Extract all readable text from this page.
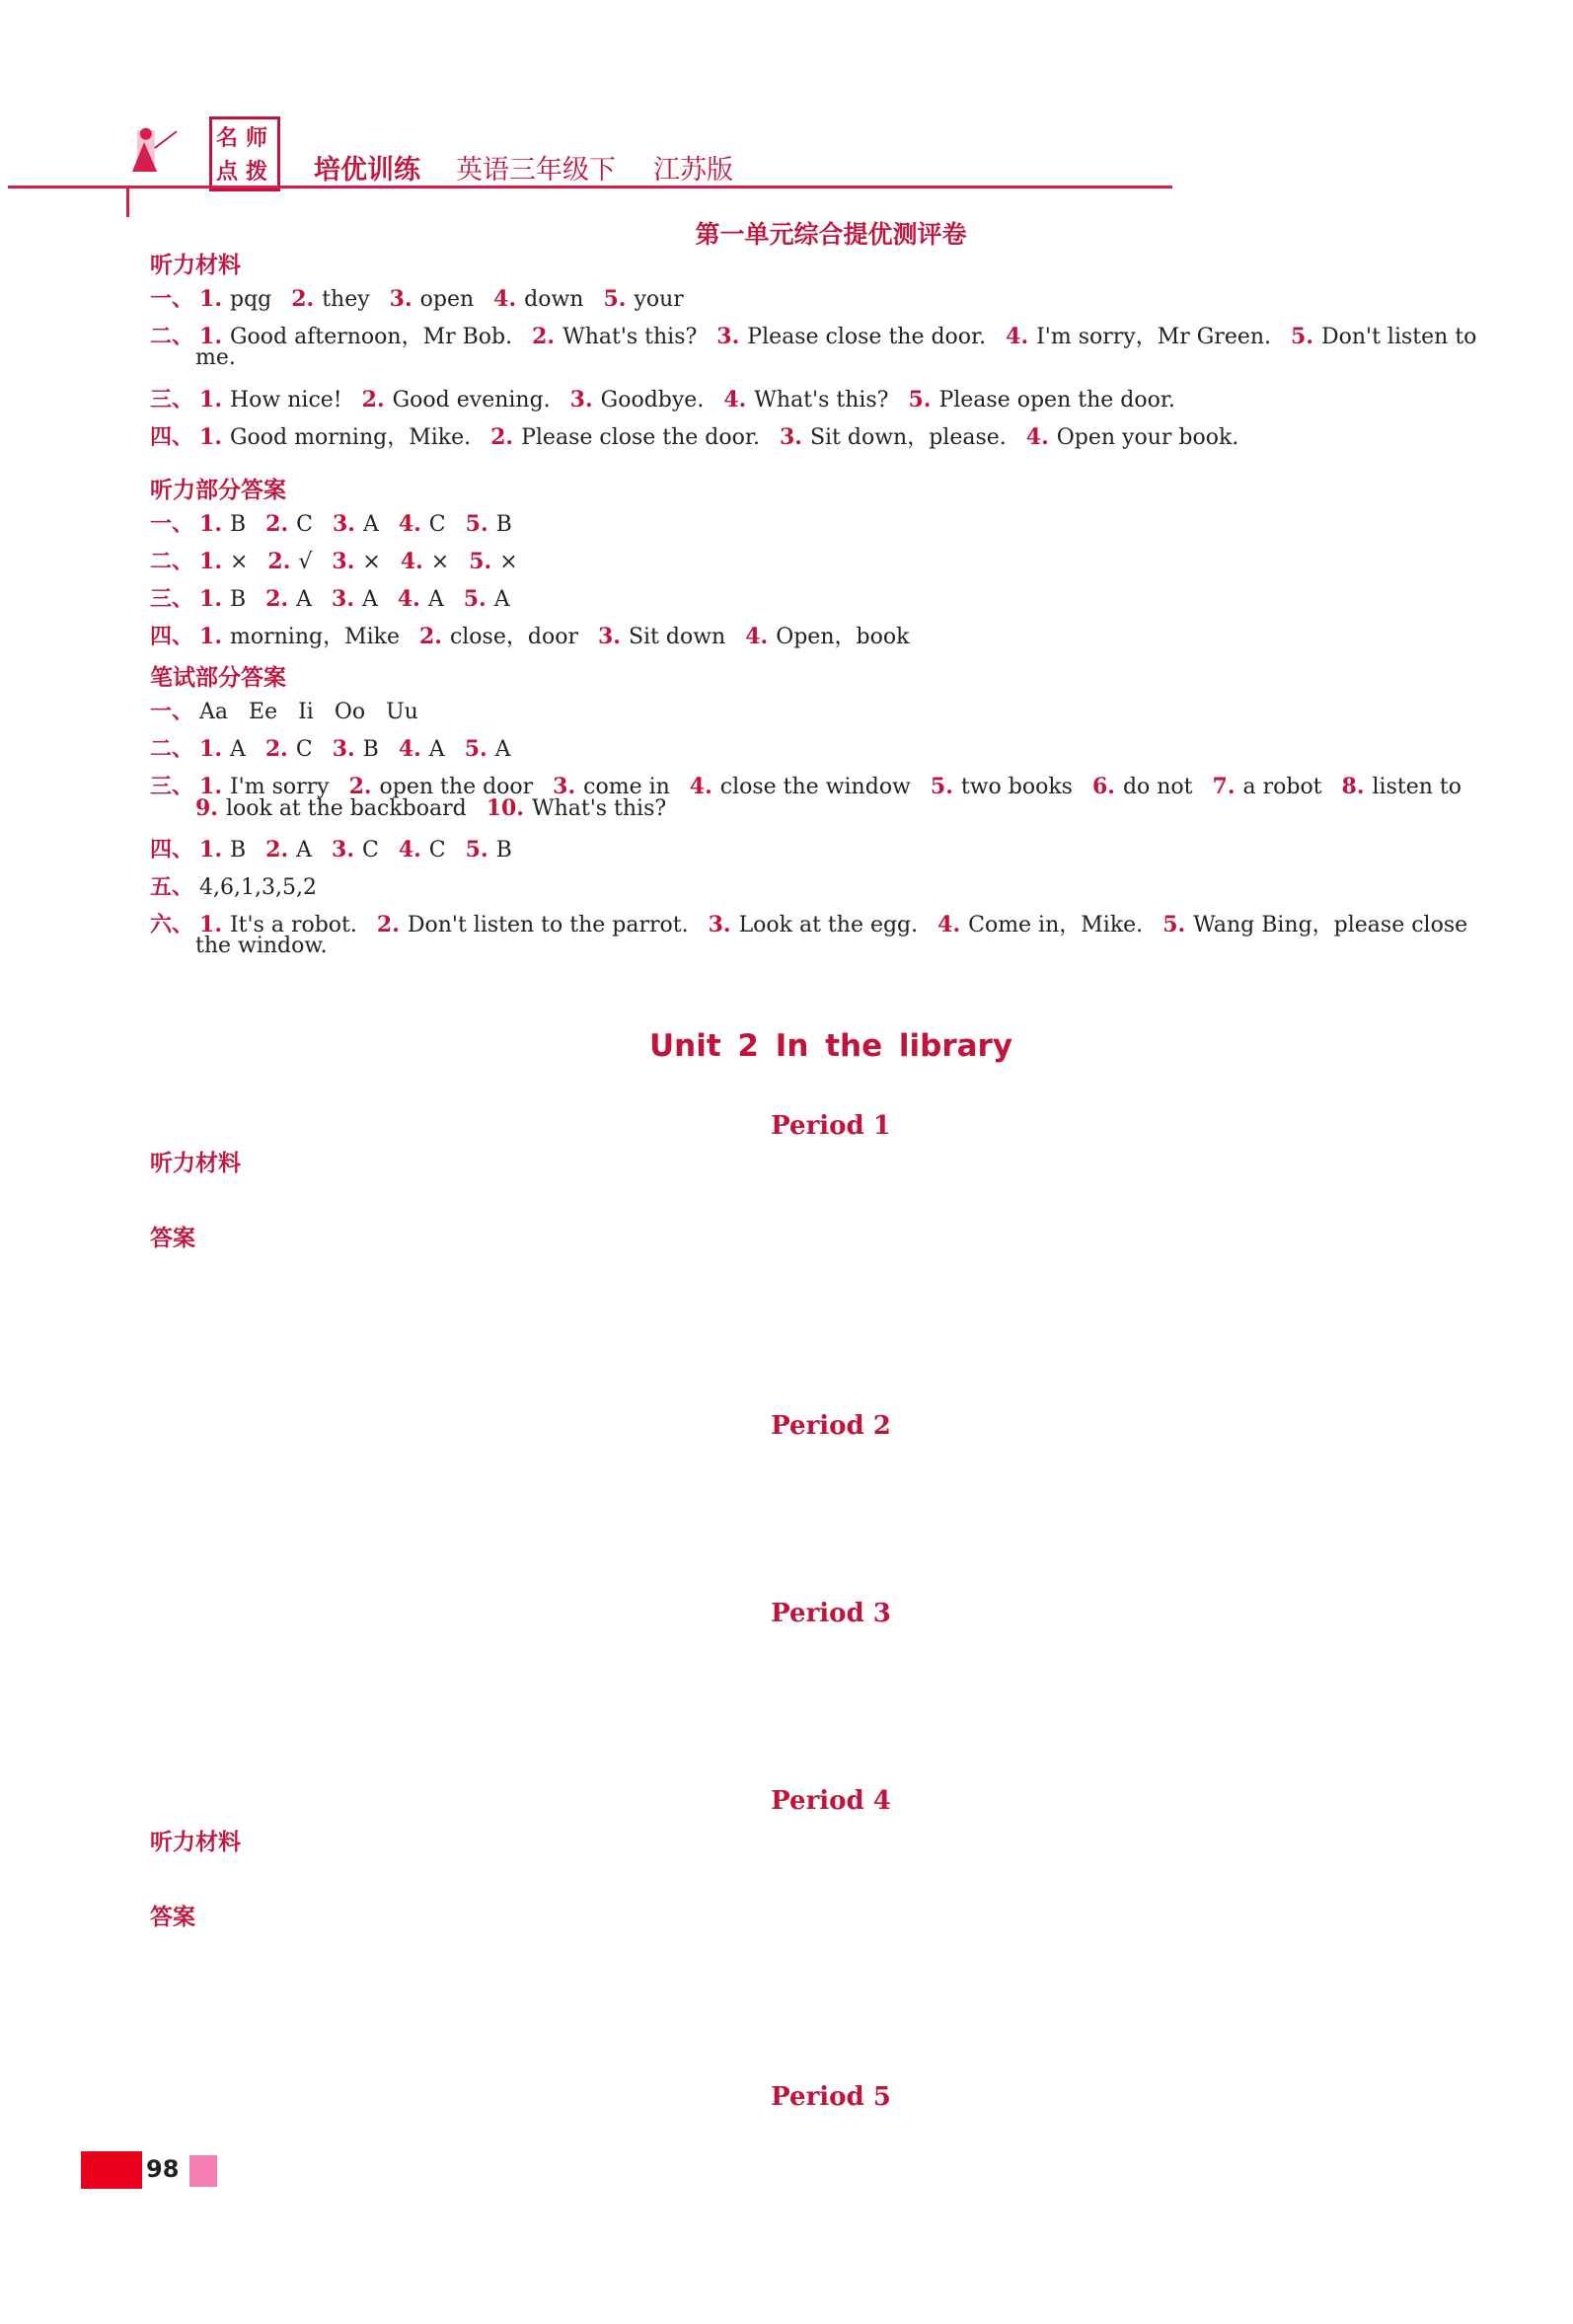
名 师
点 拨 培优训练 英语三年级下 江苏版
第一单元综合提优测评卷
听力材料
一、 1. pqg 2. they 3. open 4. down 5. your
二、 1. Good afternoon，Mr Bob. 2. What's this? 3. Please close the door. 4. I'm sorry，Mr Green. 5. Don't listen to
me.
三、 1. How nice! 2. Good evening. 3. Goodbye. 4. What's this? 5. Please open the door.
四、 1. Good morning，Mike. 2. Please close the door. 3. Sit down，please. 4. Open your book.
听力部分答案
一、 1. B 2. C 3. A 4. C 5. B
二、 1. × 2. √ 3. × 4. × 5. ×
三、 1. B 2. A 3. A 4. A 5. A
四、 1. morning，Mike 2. close，door 3. Sit down 4. Open，book
笔试部分答案
一、 Aa Ee Ii Oo Uu
二、 1. A 2. C 3. B 4. A 5. A
三、 1. I'm sorry 2. open the door 3. come in 4. close the window 5. two books 6. do not 7. a robot 8. listen to
9. look at the backboard 10. What's this?
四、 1. B 2. A 3. C 4. C 5. B
五、 4,6,1,3,5,2
六、 1. It's a robot. 2. Don't listen to the parrot. 3. Look at the egg. 4. Come in，Mike. 5. Wang Bing，please close
the window.
Unit 2 In the library
Period 1
听力材料
答案
Period 2
Period 3
Period 4
听力材料
答案
Period 5
98
